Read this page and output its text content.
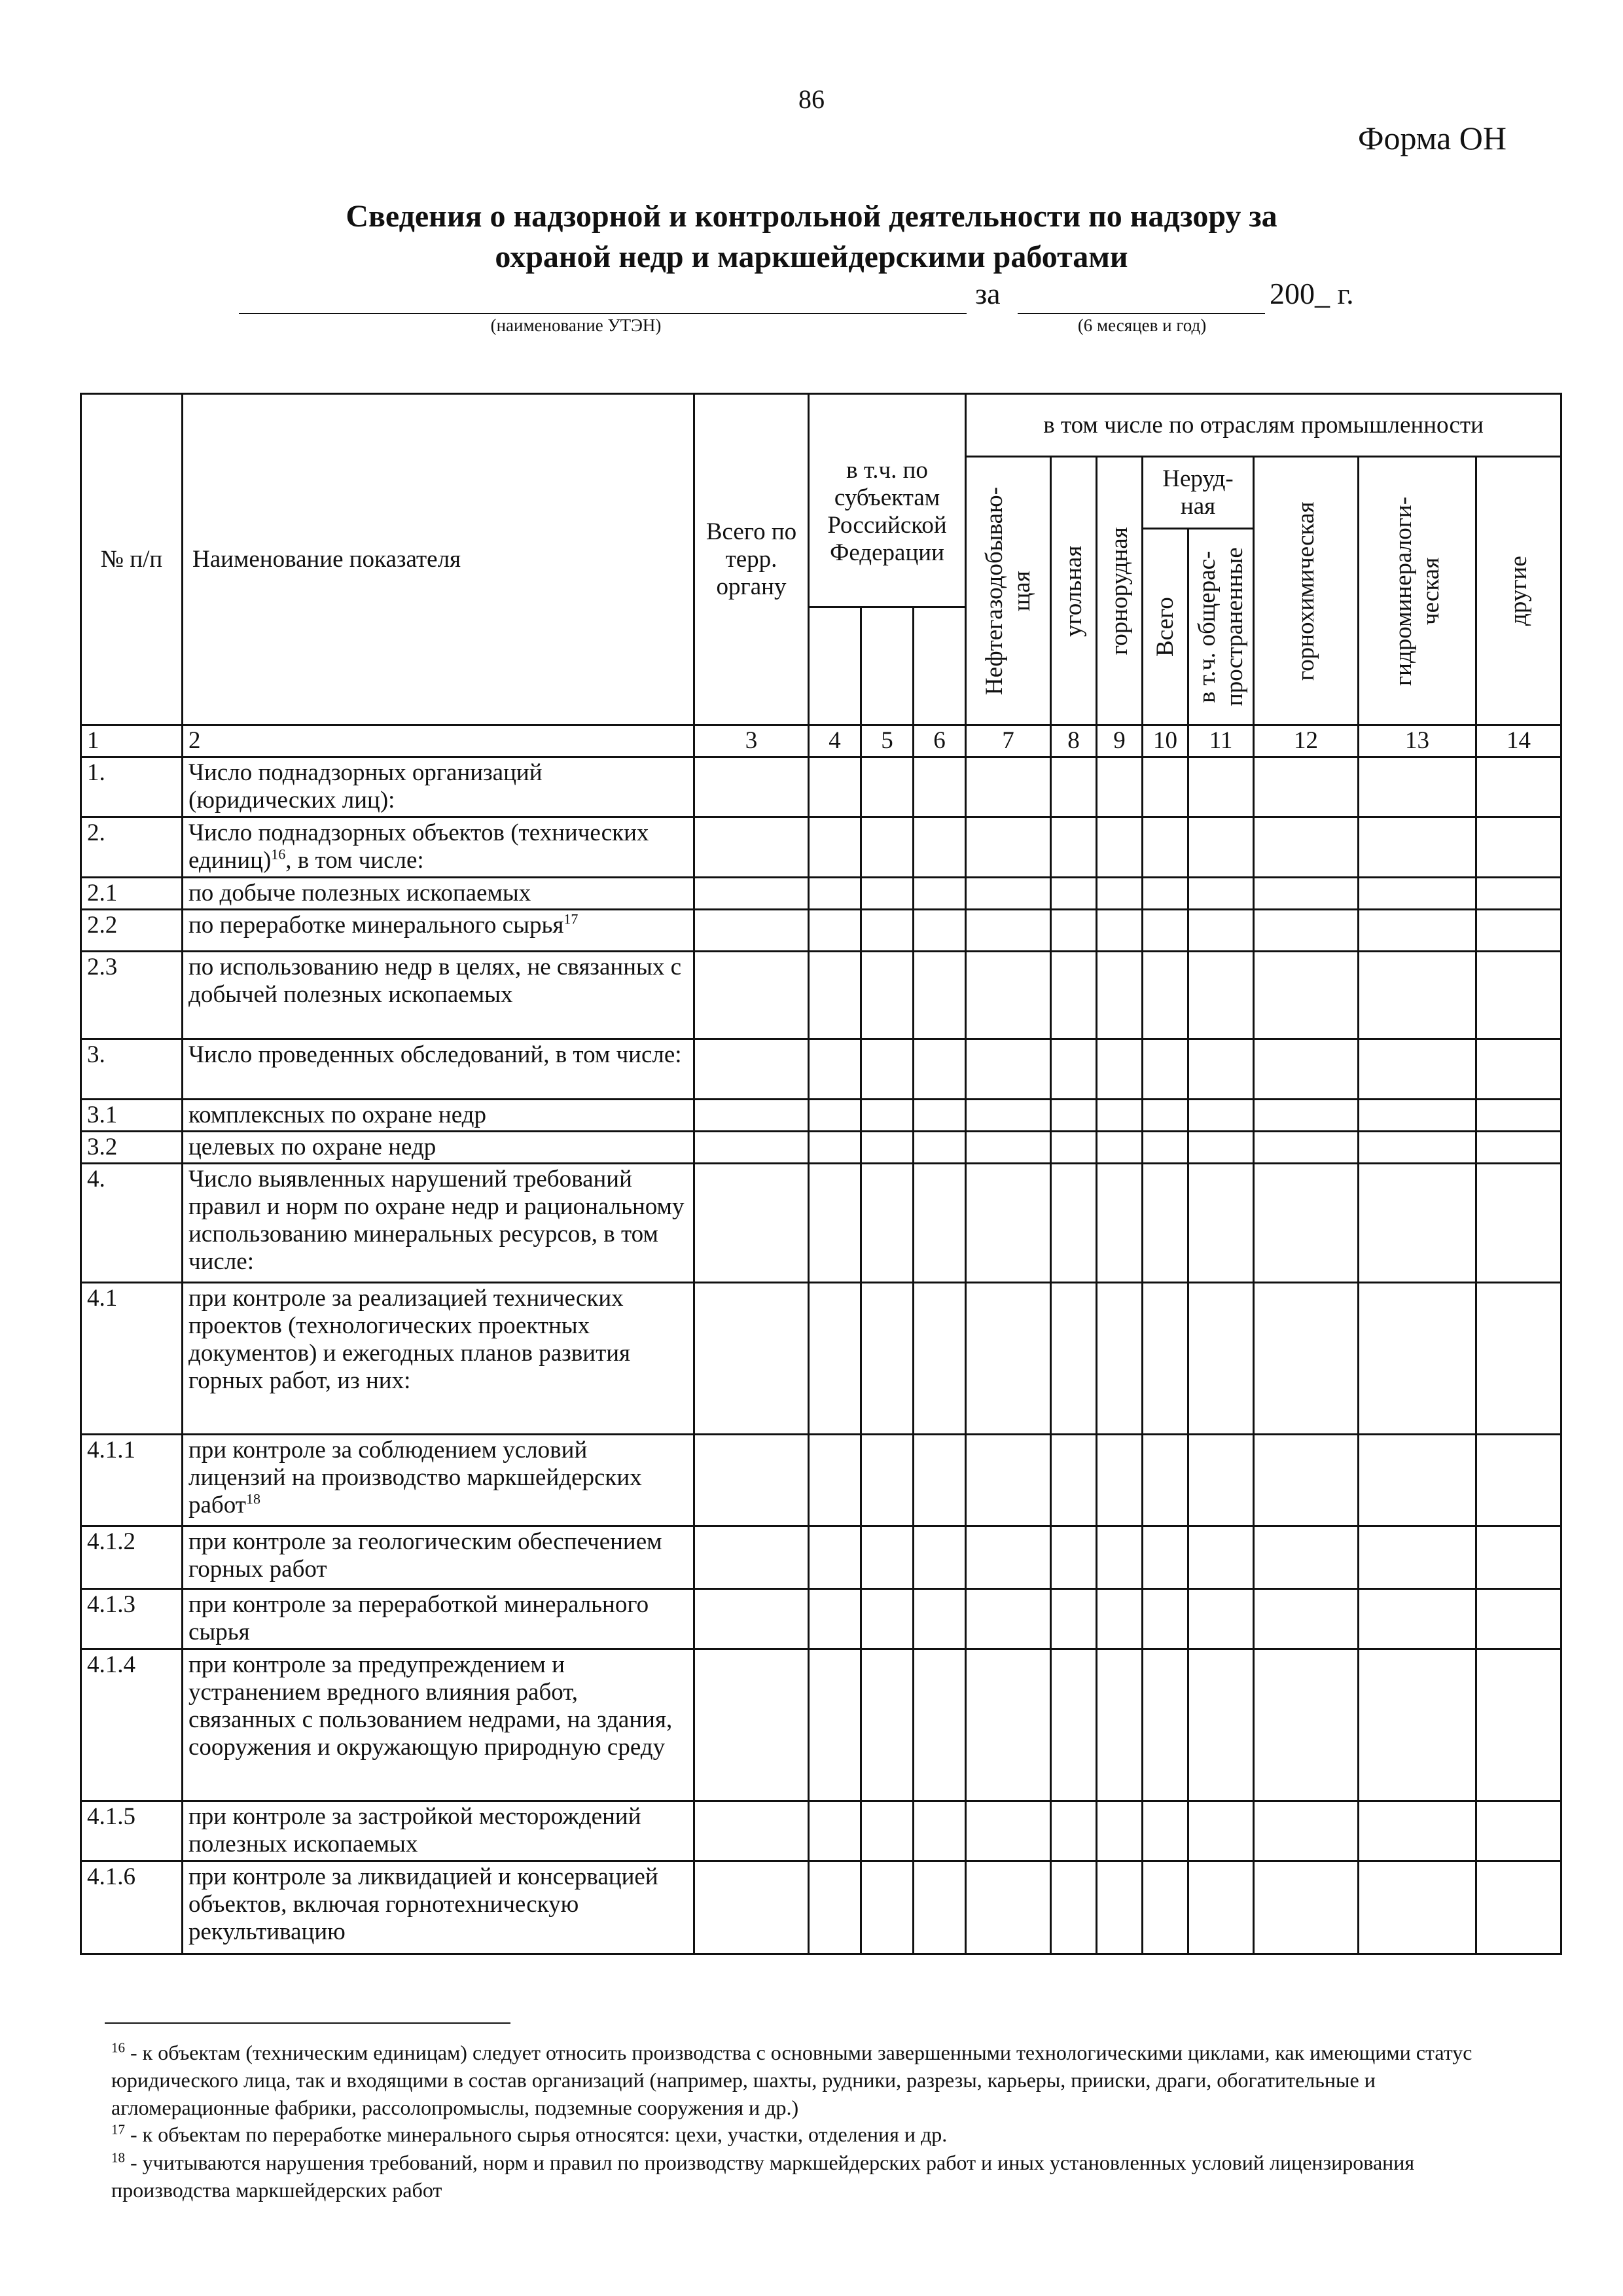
86
Форма ОН
Сведения о надзорной и контрольной деятельности по надзору за
охраной недр и маркшейдерскими работами
за	200_ г.
(наименование УТЭН)	(6 месяцев и год)
№ п/п	Наименование показателя	Всего по терр. органу	в т.ч. по субъектам Российской Федерации			в том числе по отраслям промышленности							

						Нефтегазодобываю-щая	угольная	горнорудная	Неруд-ная		горнохимическая	гидроминералоги-ческая	другие

									Всего	в т.ч. общерас-пространенные			

1	2	3	4	5	6	7	8	9	10	11	12	13	14
1.	Число поднадзорных организаций (юридических лиц):												
2.	Число поднадзорных объектов (технических единиц)$^{16}$, в том числе:												
2.1	по добыче полезных ископаемых												
2.2	по переработке минерального сырья$^{17}$												
2.3	по использованию недр в целях, не связанных с добычей полезных ископаемых												
3.	Число проведенных обследований, в том числе:												
3.1	комплексных по охране недр												
3.2	целевых по охране недр												
4.	Число выявленных нарушений требований правил и норм по охране недр и рациональному использованию минеральных ресурсов, в том числе:												
4.1	при контроле за реализацией технических проектов (технологических проектных документов) и ежегодных планов развития горных работ, из них:												
4.1.1	при контроле за соблюдением условий лицензий на производство маркшейдерских работ$^{18}$												
4.1.2	при контроле за геологическим обеспечением горных работ												
4.1.3	при контроле за переработкой минерального сырья												
4.1.4	при контроле за предупреждением и устранением вредного влияния работ, связанных с пользованием недрами, на здания, сооружения и окружающую природную среду												
4.1.5	при контроле за застройкой месторождений полезных ископаемых												
4.1.6	при контроле за ликвидацией и консервацией объектов, включая горнотехническую рекультивацию												
$^{16}$ - к объектам (техническим единицам) следует относить производства с основными завершенными технологическими циклами, как имеющими статус юридического лица, так и входящими в состав организаций (например, шахты, рудники, разрезы, карьеры, прииски, драги, обогатительные и агломерационные фабрики, рассолопромыслы, подземные сооружения и др.)
$^{17}$ - к объектам по переработке минерального сырья относятся: цехи, участки, отделения и др.
$^{18}$ - учитываются нарушения требований, норм и правил по производству маркшейдерских работ и иных установленных условий лицензирования производства маркшейдерских работ
